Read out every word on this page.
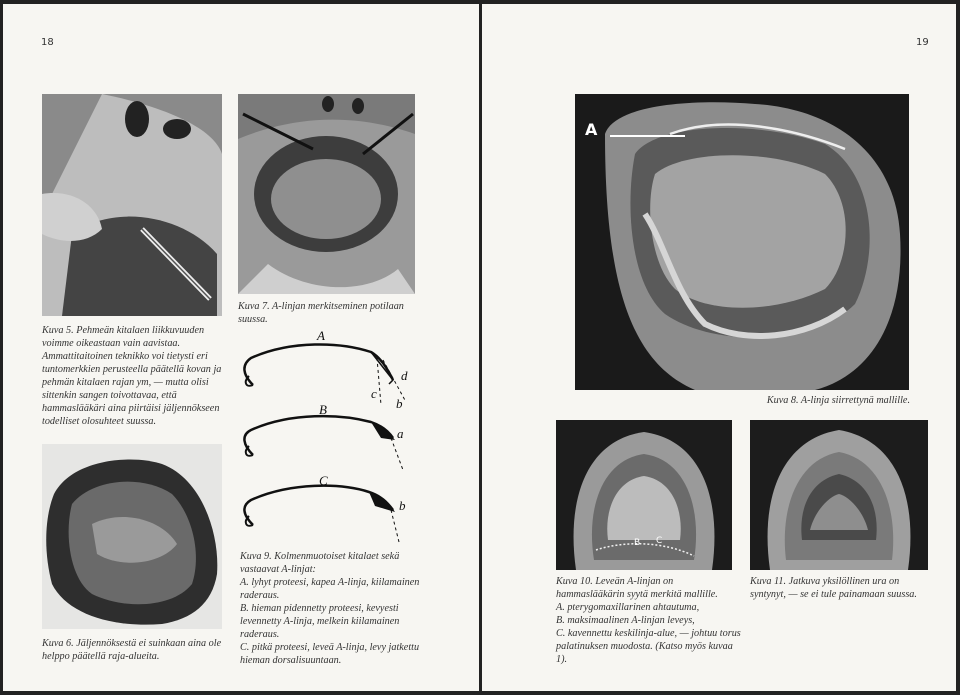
18
Kuva 5. Pehmeän kitalaen liikkuvuuden voimme oikeastaan vain aavistaa. Ammattitaitoinen teknikko voi tietysti eri tuntomerkkien perusteella päätellä kovan ja pehmän kitalaen rajan ym, — mutta olisi sittenkin sangen toivottavaa, että hammaslääkäri aina piirtäisi jäljennökseen todelliset olosuhteet suussa.
Kuva 7. A-linjan merkitseminen potilaan suussa.
A
c
b
d
B
a
C
b

Kuva 9. Kolmenmuotoiset kitalaet sekä vastaavat A-linjat:

A. lyhyt proteesi, kapea A-linja, kiilamainen raderaus.

B. hieman pidennetty proteesi, kevyesti levennetty A-linja, melkein kiilamainen raderaus.

C. pitkä proteesi, leveä A-linja, levy jatkettu hieman dorsalisuuntaan.

Kuva 6. Jäljennöksestä ei suinkaan aina ole helppo päätellä raja-alueita.
19
A
Kuva 8. A-linja siirrettynä mallille.
B C

Kuva 10. Leveän A-linjan on hammaslääkärin syytä merkitä mallille.

A. pterygomaxillarinen ahtautuma,

B. maksimaalinen A-linjan leveys,

C. kavennettu keskilinja-alue, — johtuu torus palatinuksen muodosta. (Katso myös kuvaa 1).

Kuva 11. Jatkuva yksilöllinen ura on syntynyt, — se ei tule painamaan suussa.
